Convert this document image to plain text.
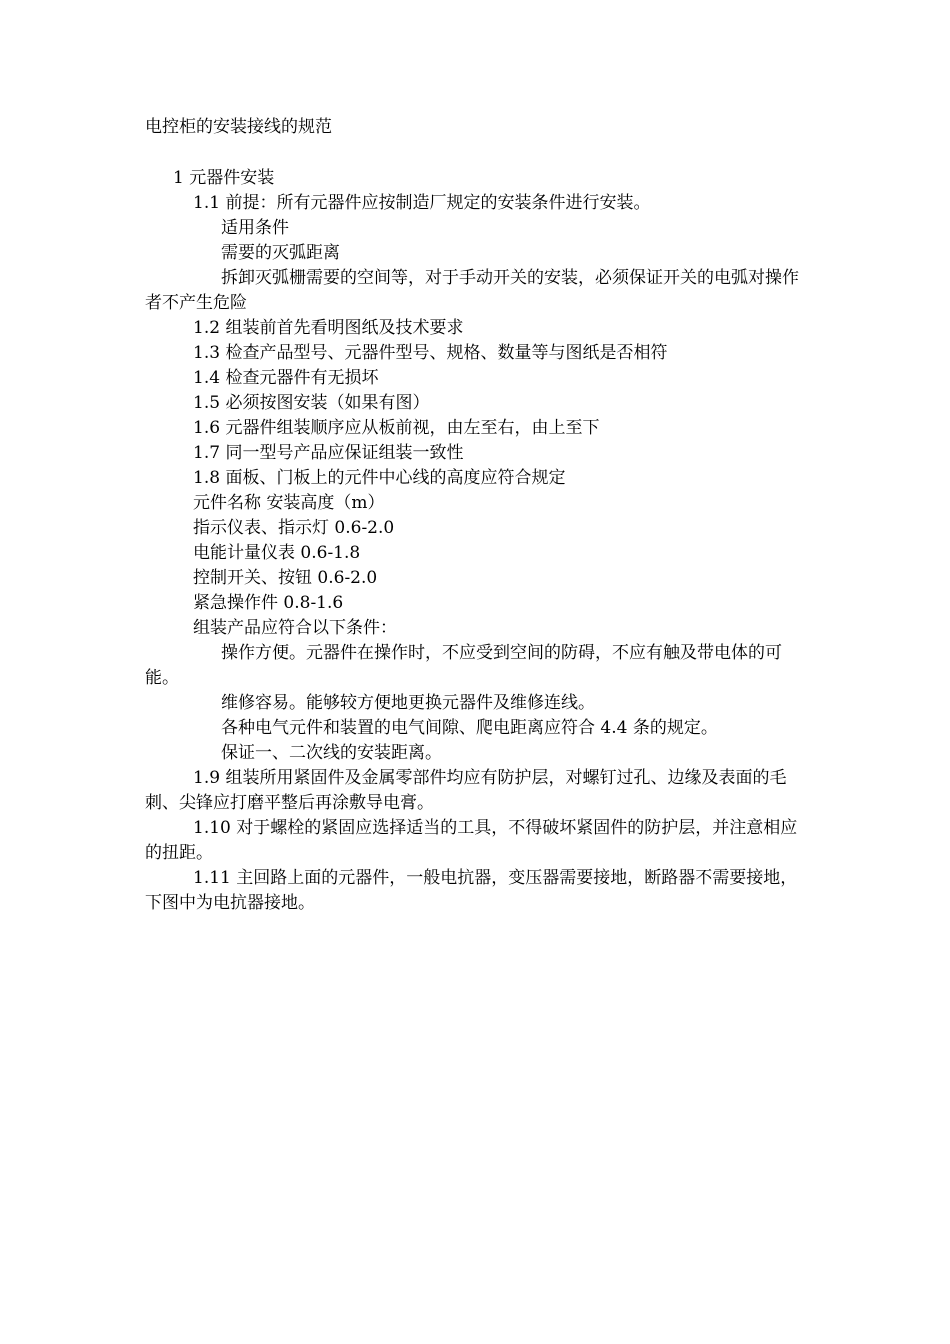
电控柜的安装接线的规范

1 元器件安装

1.1 前提：所有元器件应按制造厂规定的安装条件进行安装。

适用条件

需要的灭弧距离

拆卸灭弧栅需要的空间等，对于手动开关的安装，必须保证开关的电弧对操作者不产生危险

1.2 组装前首先看明图纸及技术要求

1.3 检查产品型号、元器件型号、规格、数量等与图纸是否相符

1.4 检查元器件有无损坏

1.5 必须按图安装（如果有图）

1.6 元器件组装顺序应从板前视，由左至右，由上至下

1.7 同一型号产品应保证组装一致性

1.8 面板、门板上的元件中心线的高度应符合规定

元件名称 安装高度（m）

指示仪表、指示灯 0.6-2.0

电能计量仪表 0.6-1.8

控制开关、按钮 0.6-2.0

紧急操作件 0.8-1.6

组装产品应符合以下条件：

操作方便。元器件在操作时，不应受到空间的防碍，不应有触及带电体的可 能。

维修容易。能够较方便地更换元器件及维修连线。

各种电气元件和装置的电气间隙、爬电距离应符合 4.4 条的规定。

保证一、二次线的安装距离。

1.9 组装所用紧固件及金属零部件均应有防护层，对螺钉过孔、边缘及表面的毛刺、尖锋应打磨平整后再涂敷导电膏。

1.10 对于螺栓的紧固应选择适当的工具，不得破坏紧固件的防护层，并注意相应的扭距。

1.11 主回路上面的元器件，一般电抗器，变压器需要接地，断路器不需要接地，下图中为电抗器接地。
